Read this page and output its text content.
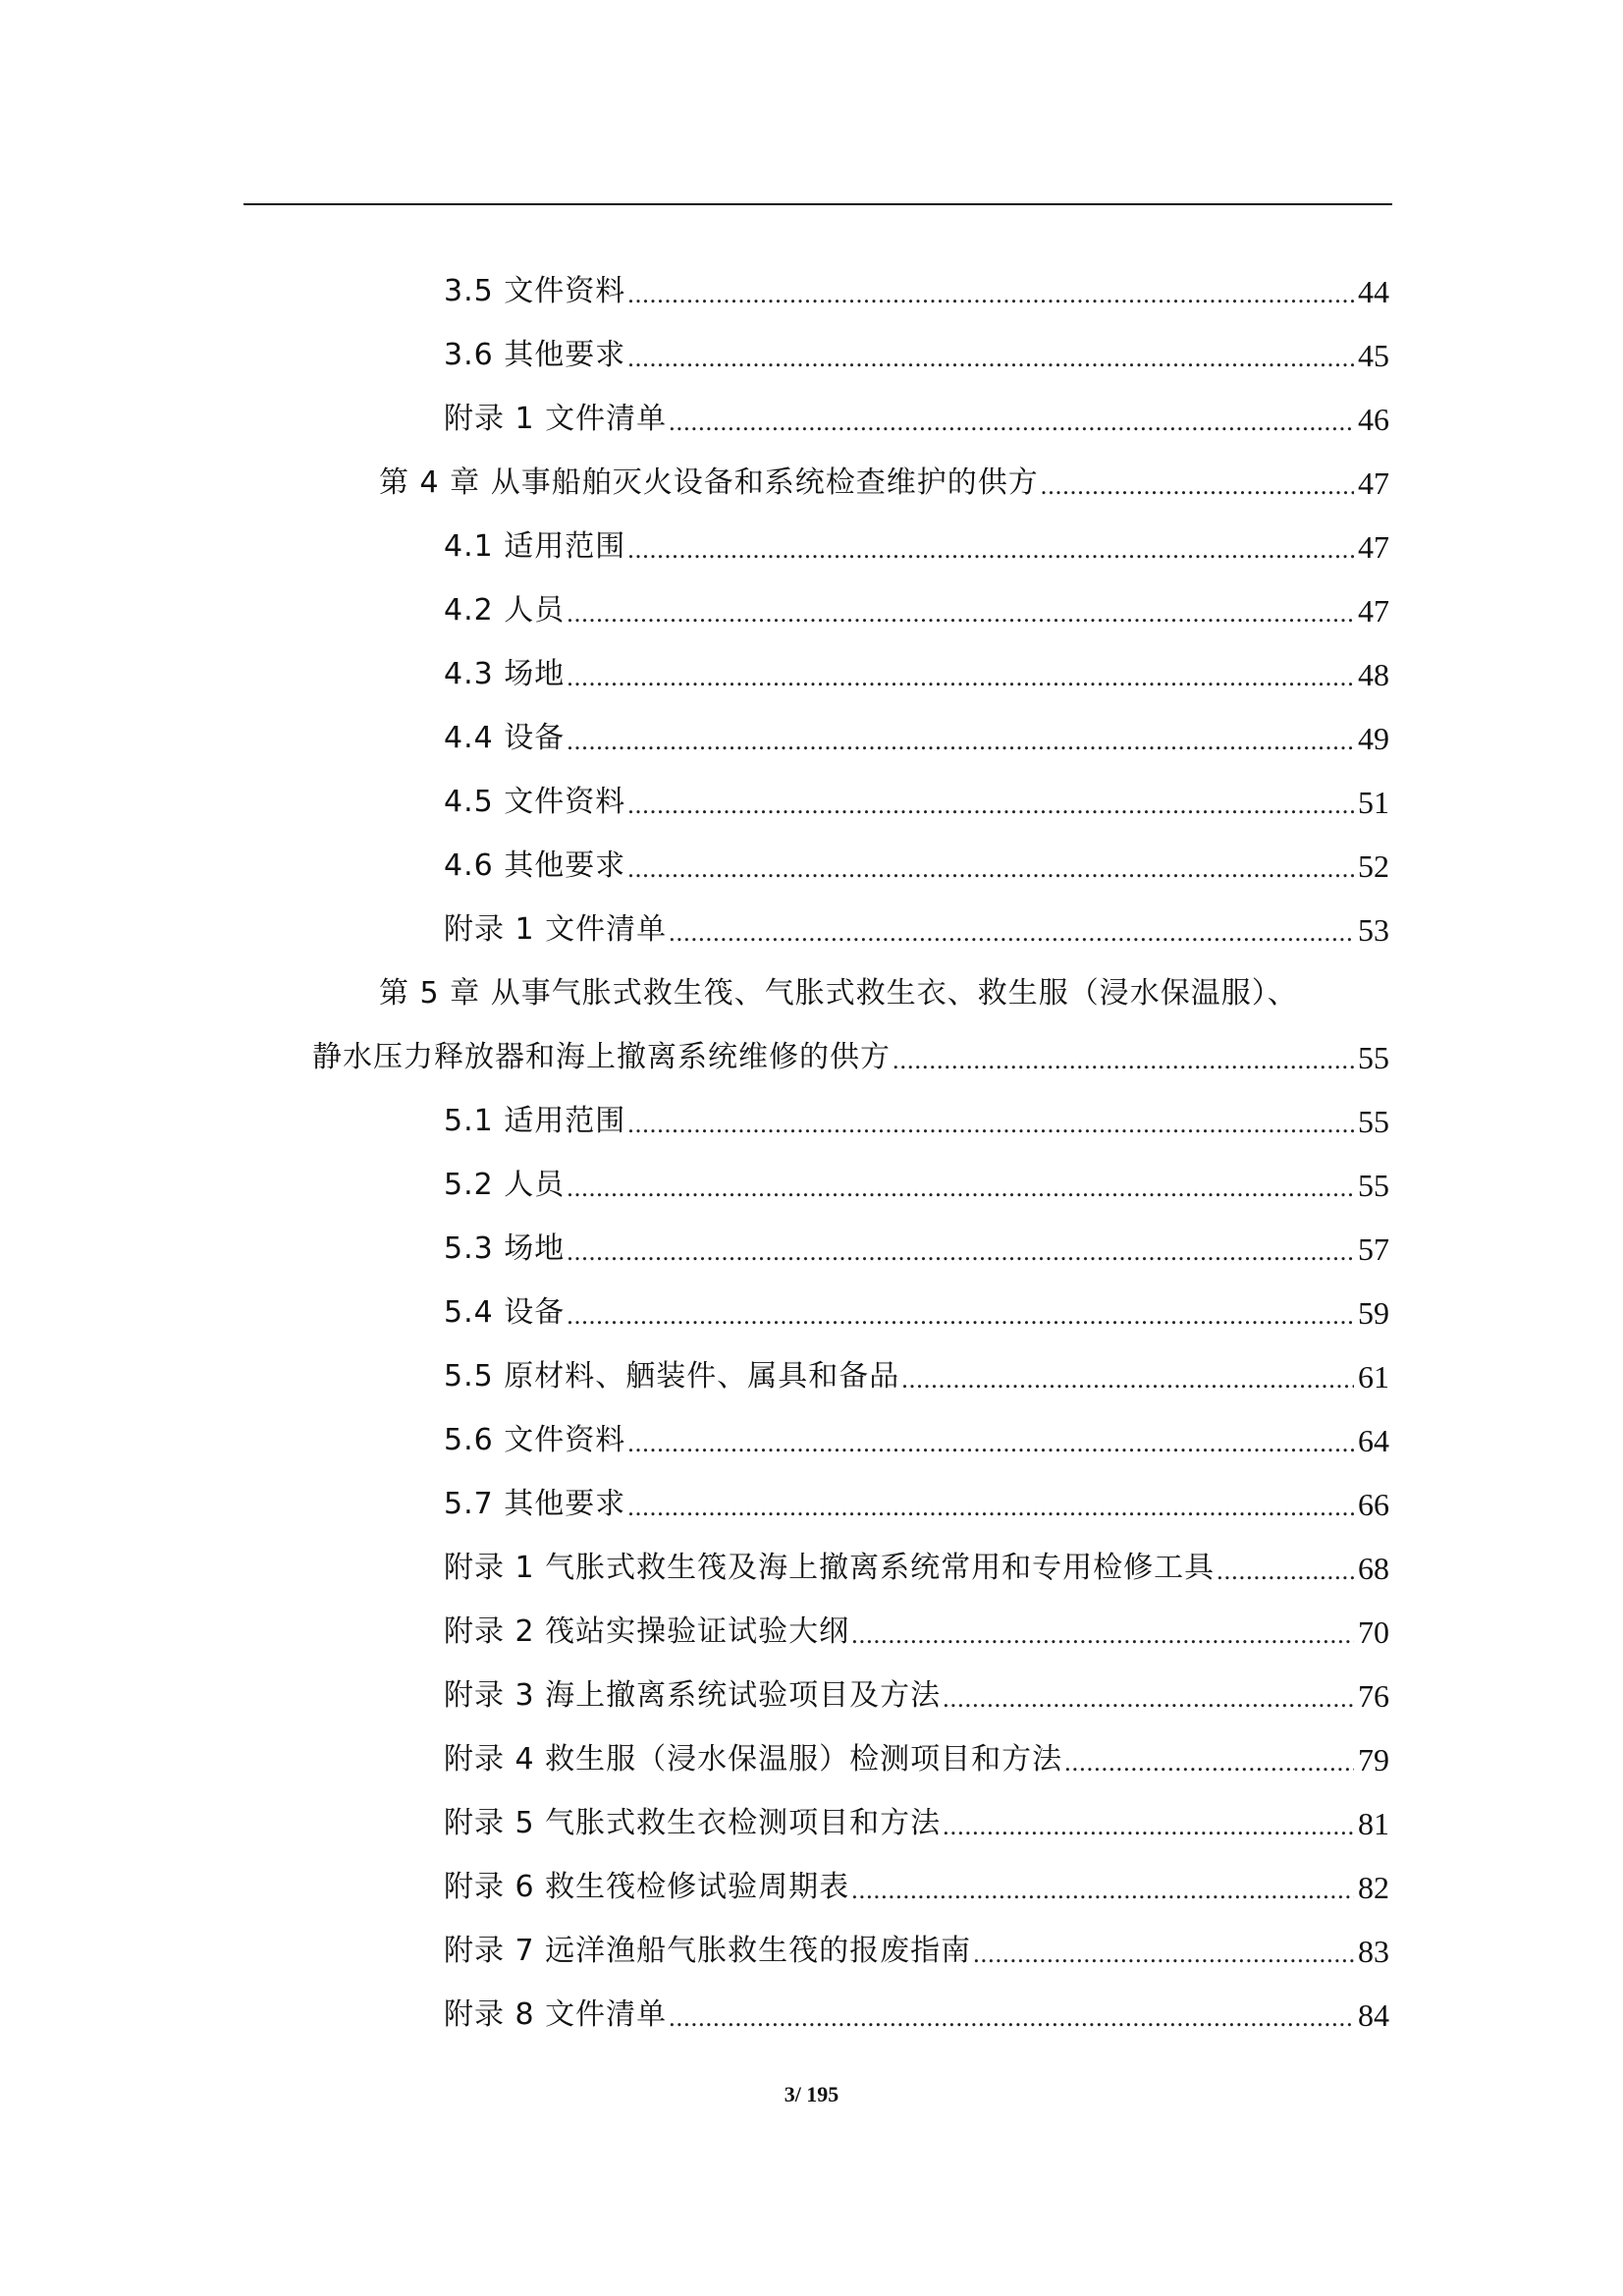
3.5 文件资料 .....	44
3.6 其他要求 .....	45
附录 1 文件清单 .....	46
第 4 章 从事船舶灭火设备和系统检查维护的供方 .....	47
4.1 适用范围 .....	47
4.2 人员 .....	47
4.3 场地 .....	48
4.4 设备 .....	49
4.5 文件资料 .....	51
4.6 其他要求 .....	52
附录 1 文件清单 .....	53
第 5 章 从事气胀式救生筏、气胀式救生衣、救生服（浸水保温服）、
静水压力释放器和海上撤离系统维修的供方 .....	55
5.1 适用范围 .....	55
5.2 人员 .....	55
5.3 场地 .....	57
5.4 设备 .....	59
5.5 原材料、舾装件、属具和备品 .....	61
5.6 文件资料 .....	64
5.7 其他要求 .....	66
附录 1 气胀式救生筏及海上撤离系统常用和专用检修工具 .....	68
附录 2 筏站实操验证试验大纲 .....	70
附录 3 海上撤离系统试验项目及方法 .....	76
附录 4 救生服（浸水保温服）检测项目和方法 .....	79
附录 5 气胀式救生衣检测项目和方法 .....	81
附录 6 救生筏检修试验周期表 .....	82
附录 7 远洋渔船气胀救生筏的报废指南 .....	83
附录 8 文件清单 .....	84
3/ 195
